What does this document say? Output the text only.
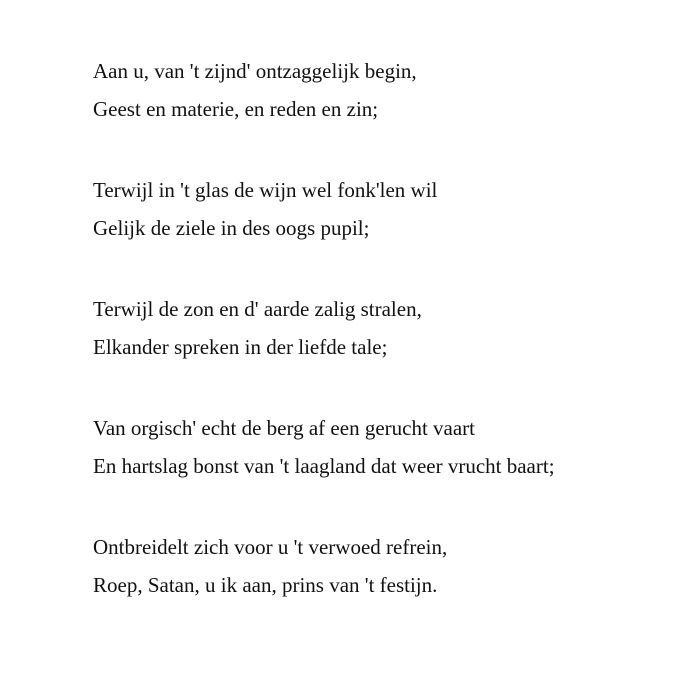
Aan u, van 't zijnd' ontzaggelijk begin,
Geest en materie, en reden en zin;
Terwijl in 't glas de wijn wel fonk'len wil
Gelijk de ziele in des oogs pupil;
Terwijl de zon en d' aarde zalig stralen,
Elkander spreken in der liefde tale;
Van orgisch' echt de berg af een gerucht vaart
En hartslag bonst van 't laagland dat weer vrucht baart;
Ontbreidelt zich voor u 't verwoed refrein,
Roep, Satan, u ik aan, prins van 't festijn.
